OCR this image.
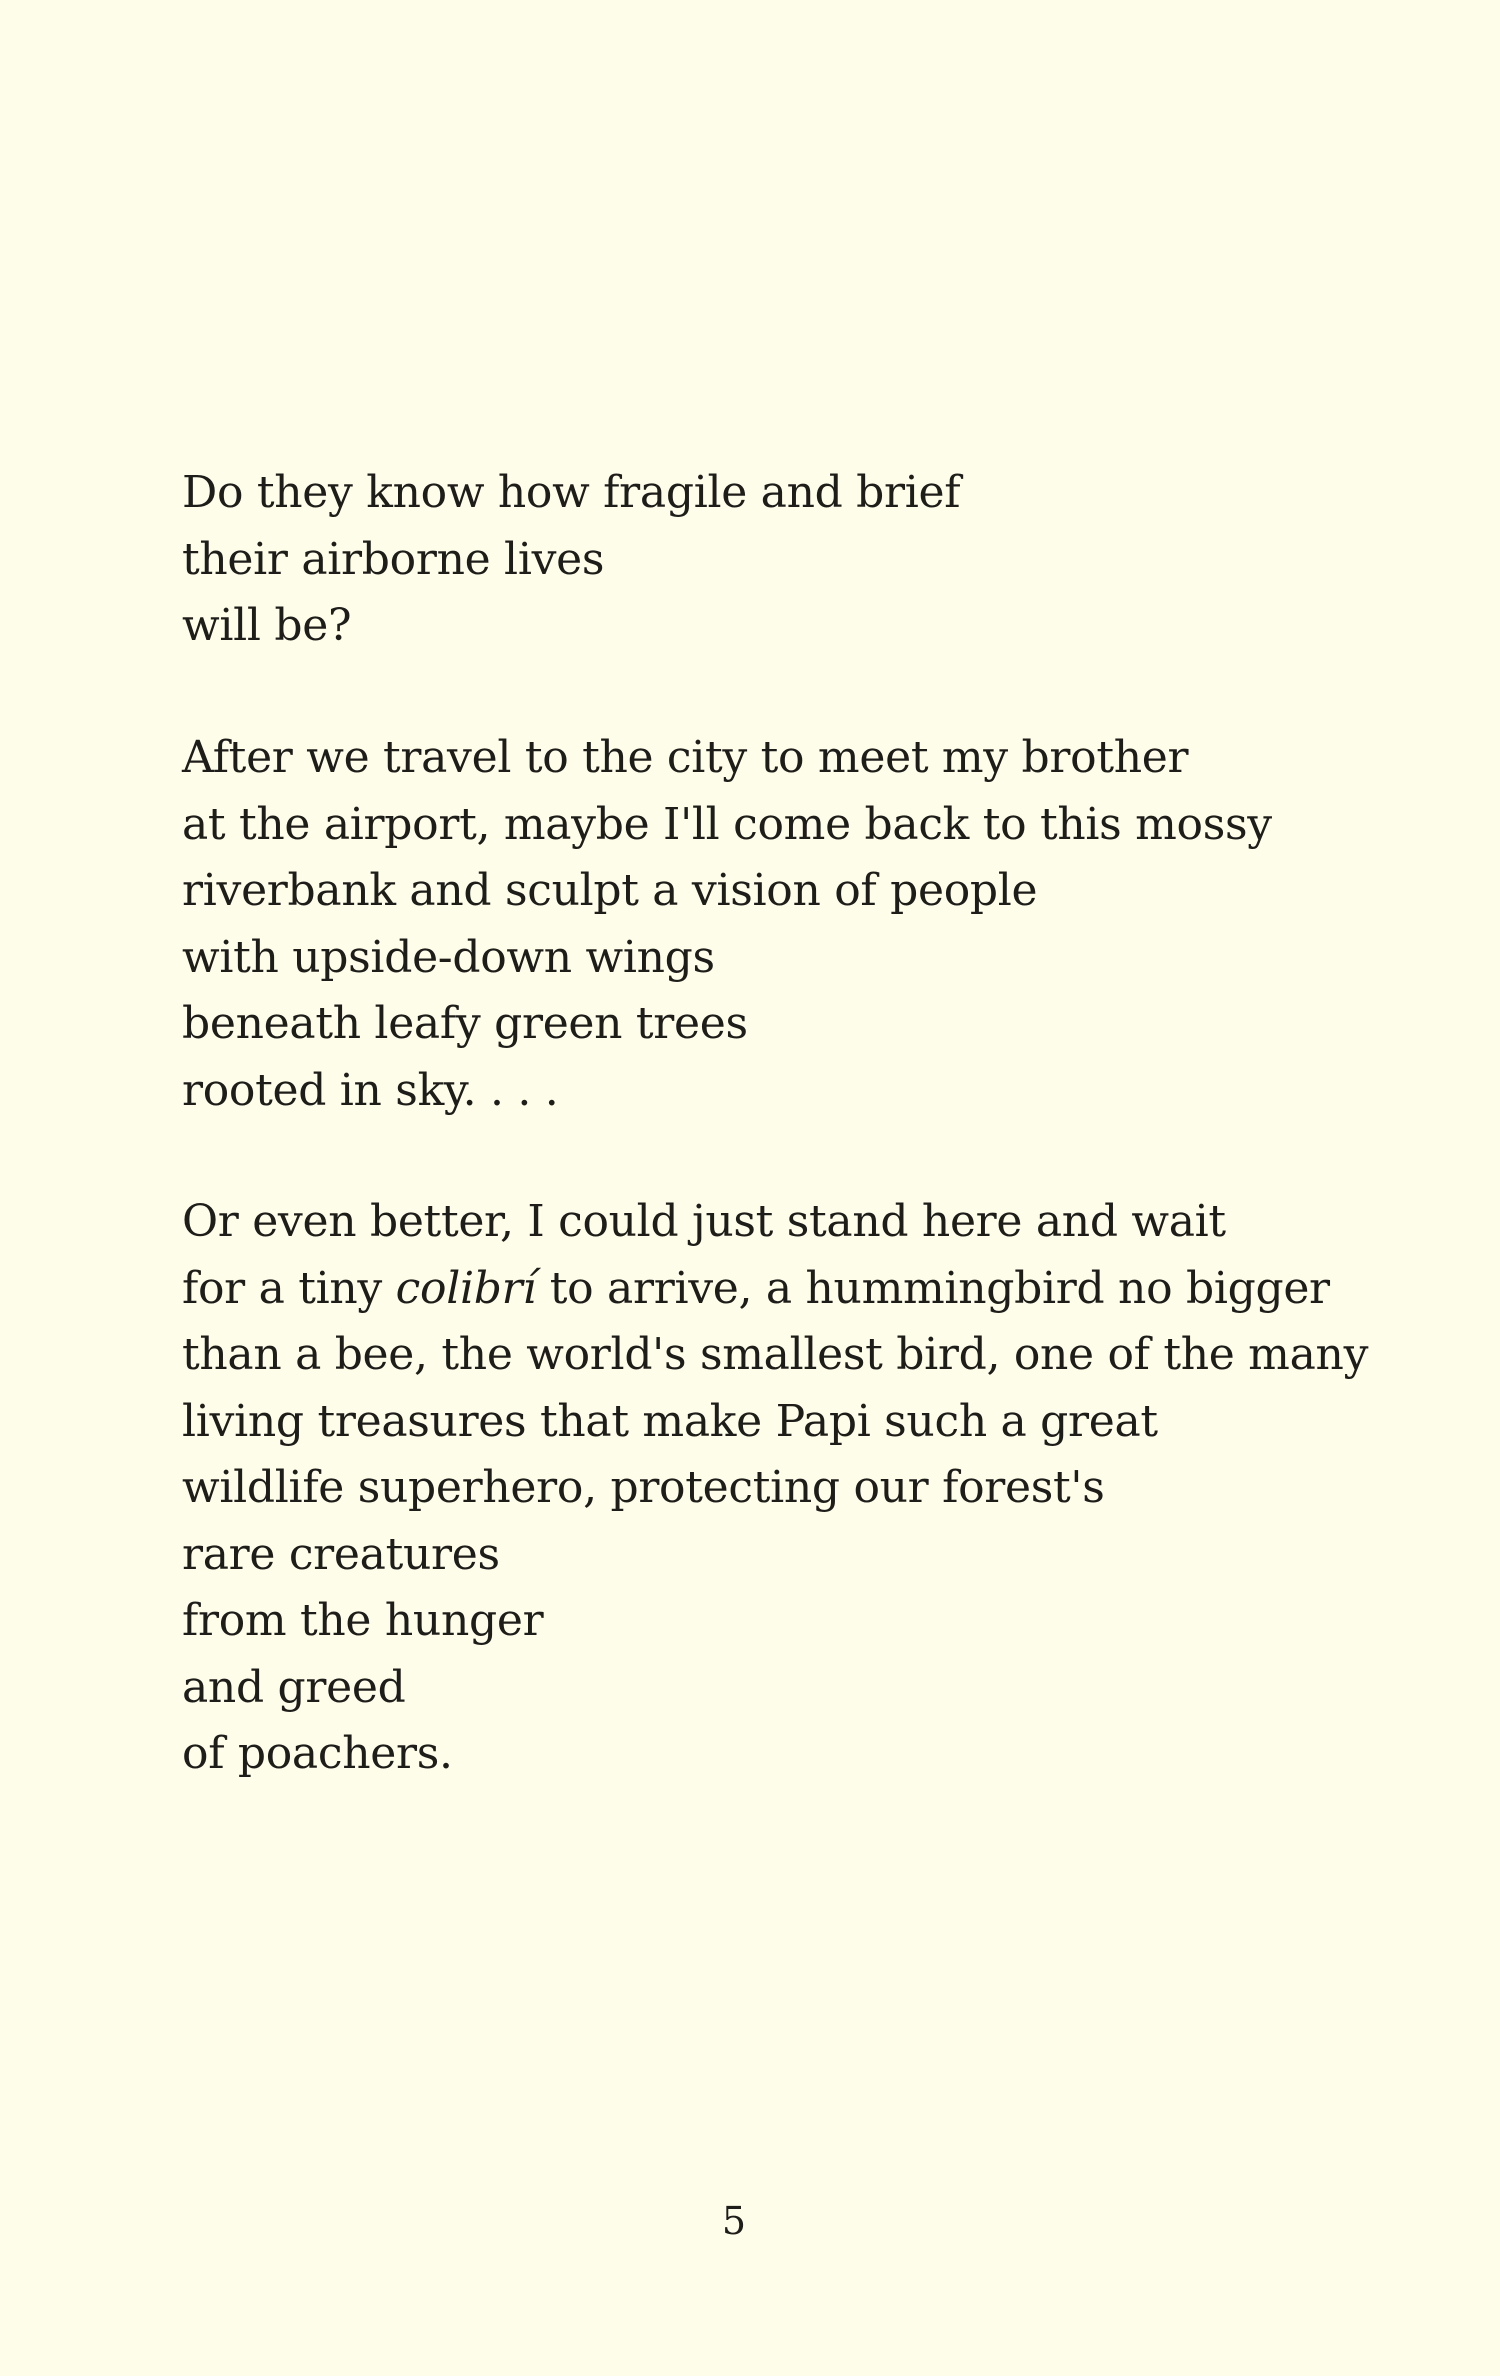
Do they know how fragile and brief
their airborne lives
will be?
After we travel to the city to meet my brother
at the airport, maybe I'll come back to this mossy
riverbank and sculpt a vision of people
with upside-down wings
beneath leafy green trees
rooted in sky. . . .
Or even better, I could just stand here and wait
for a tiny colibrí to arrive, a hummingbird no bigger
than a bee, the world's smallest bird, one of the many
living treasures that make Papi such a great
wildlife superhero, protecting our forest's
rare creatures
from the hunger
and greed
of poachers.
5
